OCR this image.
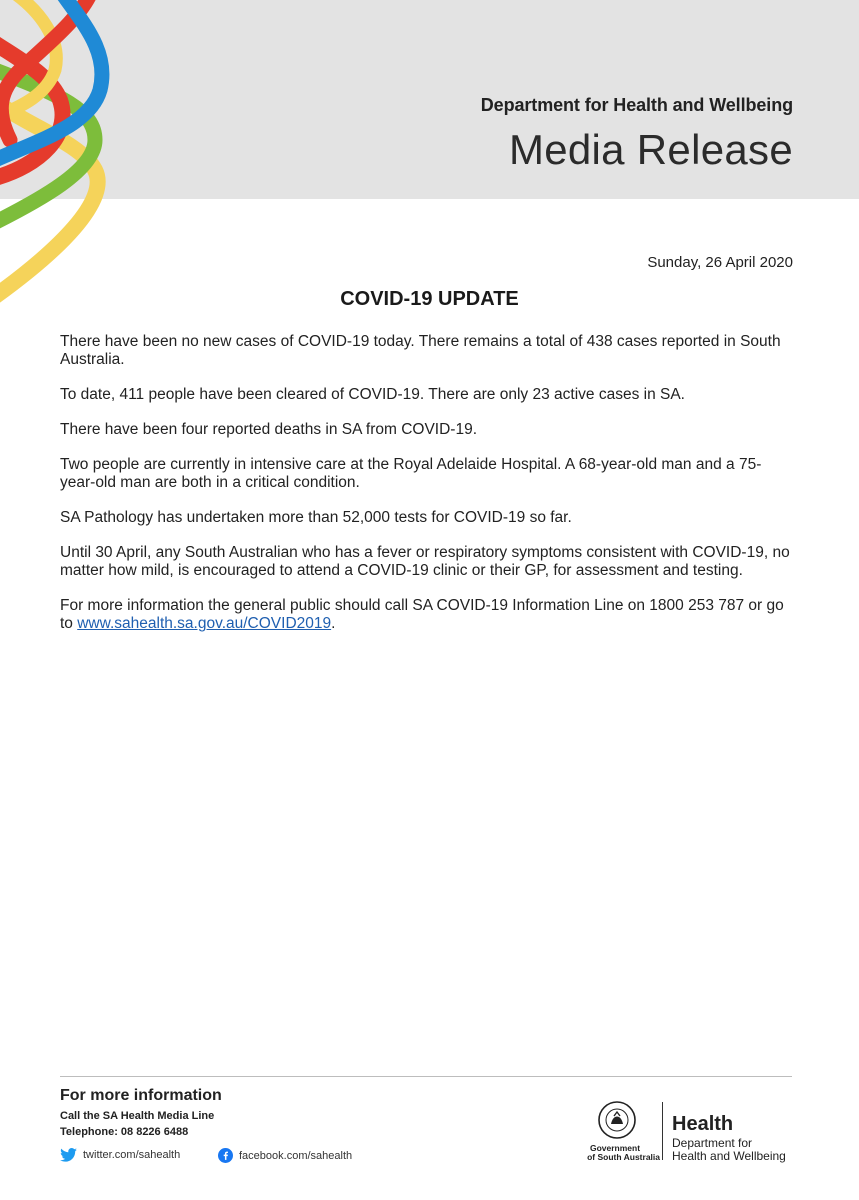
Department for Health and Wellbeing
Media Release
Sunday, 26 April 2020
COVID-19 UPDATE

There have been no new cases of COVID-19 today. There remains a total of 438 cases reported in South Australia.

To date, 411 people have been cleared of COVID-19. There are only 23 active cases in SA.

There have been four reported deaths in SA from COVID-19.

Two people are currently in intensive care at the Royal Adelaide Hospital. A 68-year-old man and a 75-year-old man are both in a critical condition.

SA Pathology has undertaken more than 52,000 tests for COVID-19 so far.

Until 30 April, any South Australian who has a fever or respiratory symptoms consistent with COVID-19, no matter how mild, is encouraged to attend a COVID-19 clinic or their GP, for assessment and testing.

For more information the general public should call SA COVID-19 Information Line on 1800 253 787 or go to www.sahealth.sa.gov.au/COVID2019.

For more information
Call the SA Health Media Line
Telephone: 08 8226 6488
twitter.com/sahealth	facebook.com/sahealth
Government
of South Australia
Health
Department for
Health and Wellbeing
